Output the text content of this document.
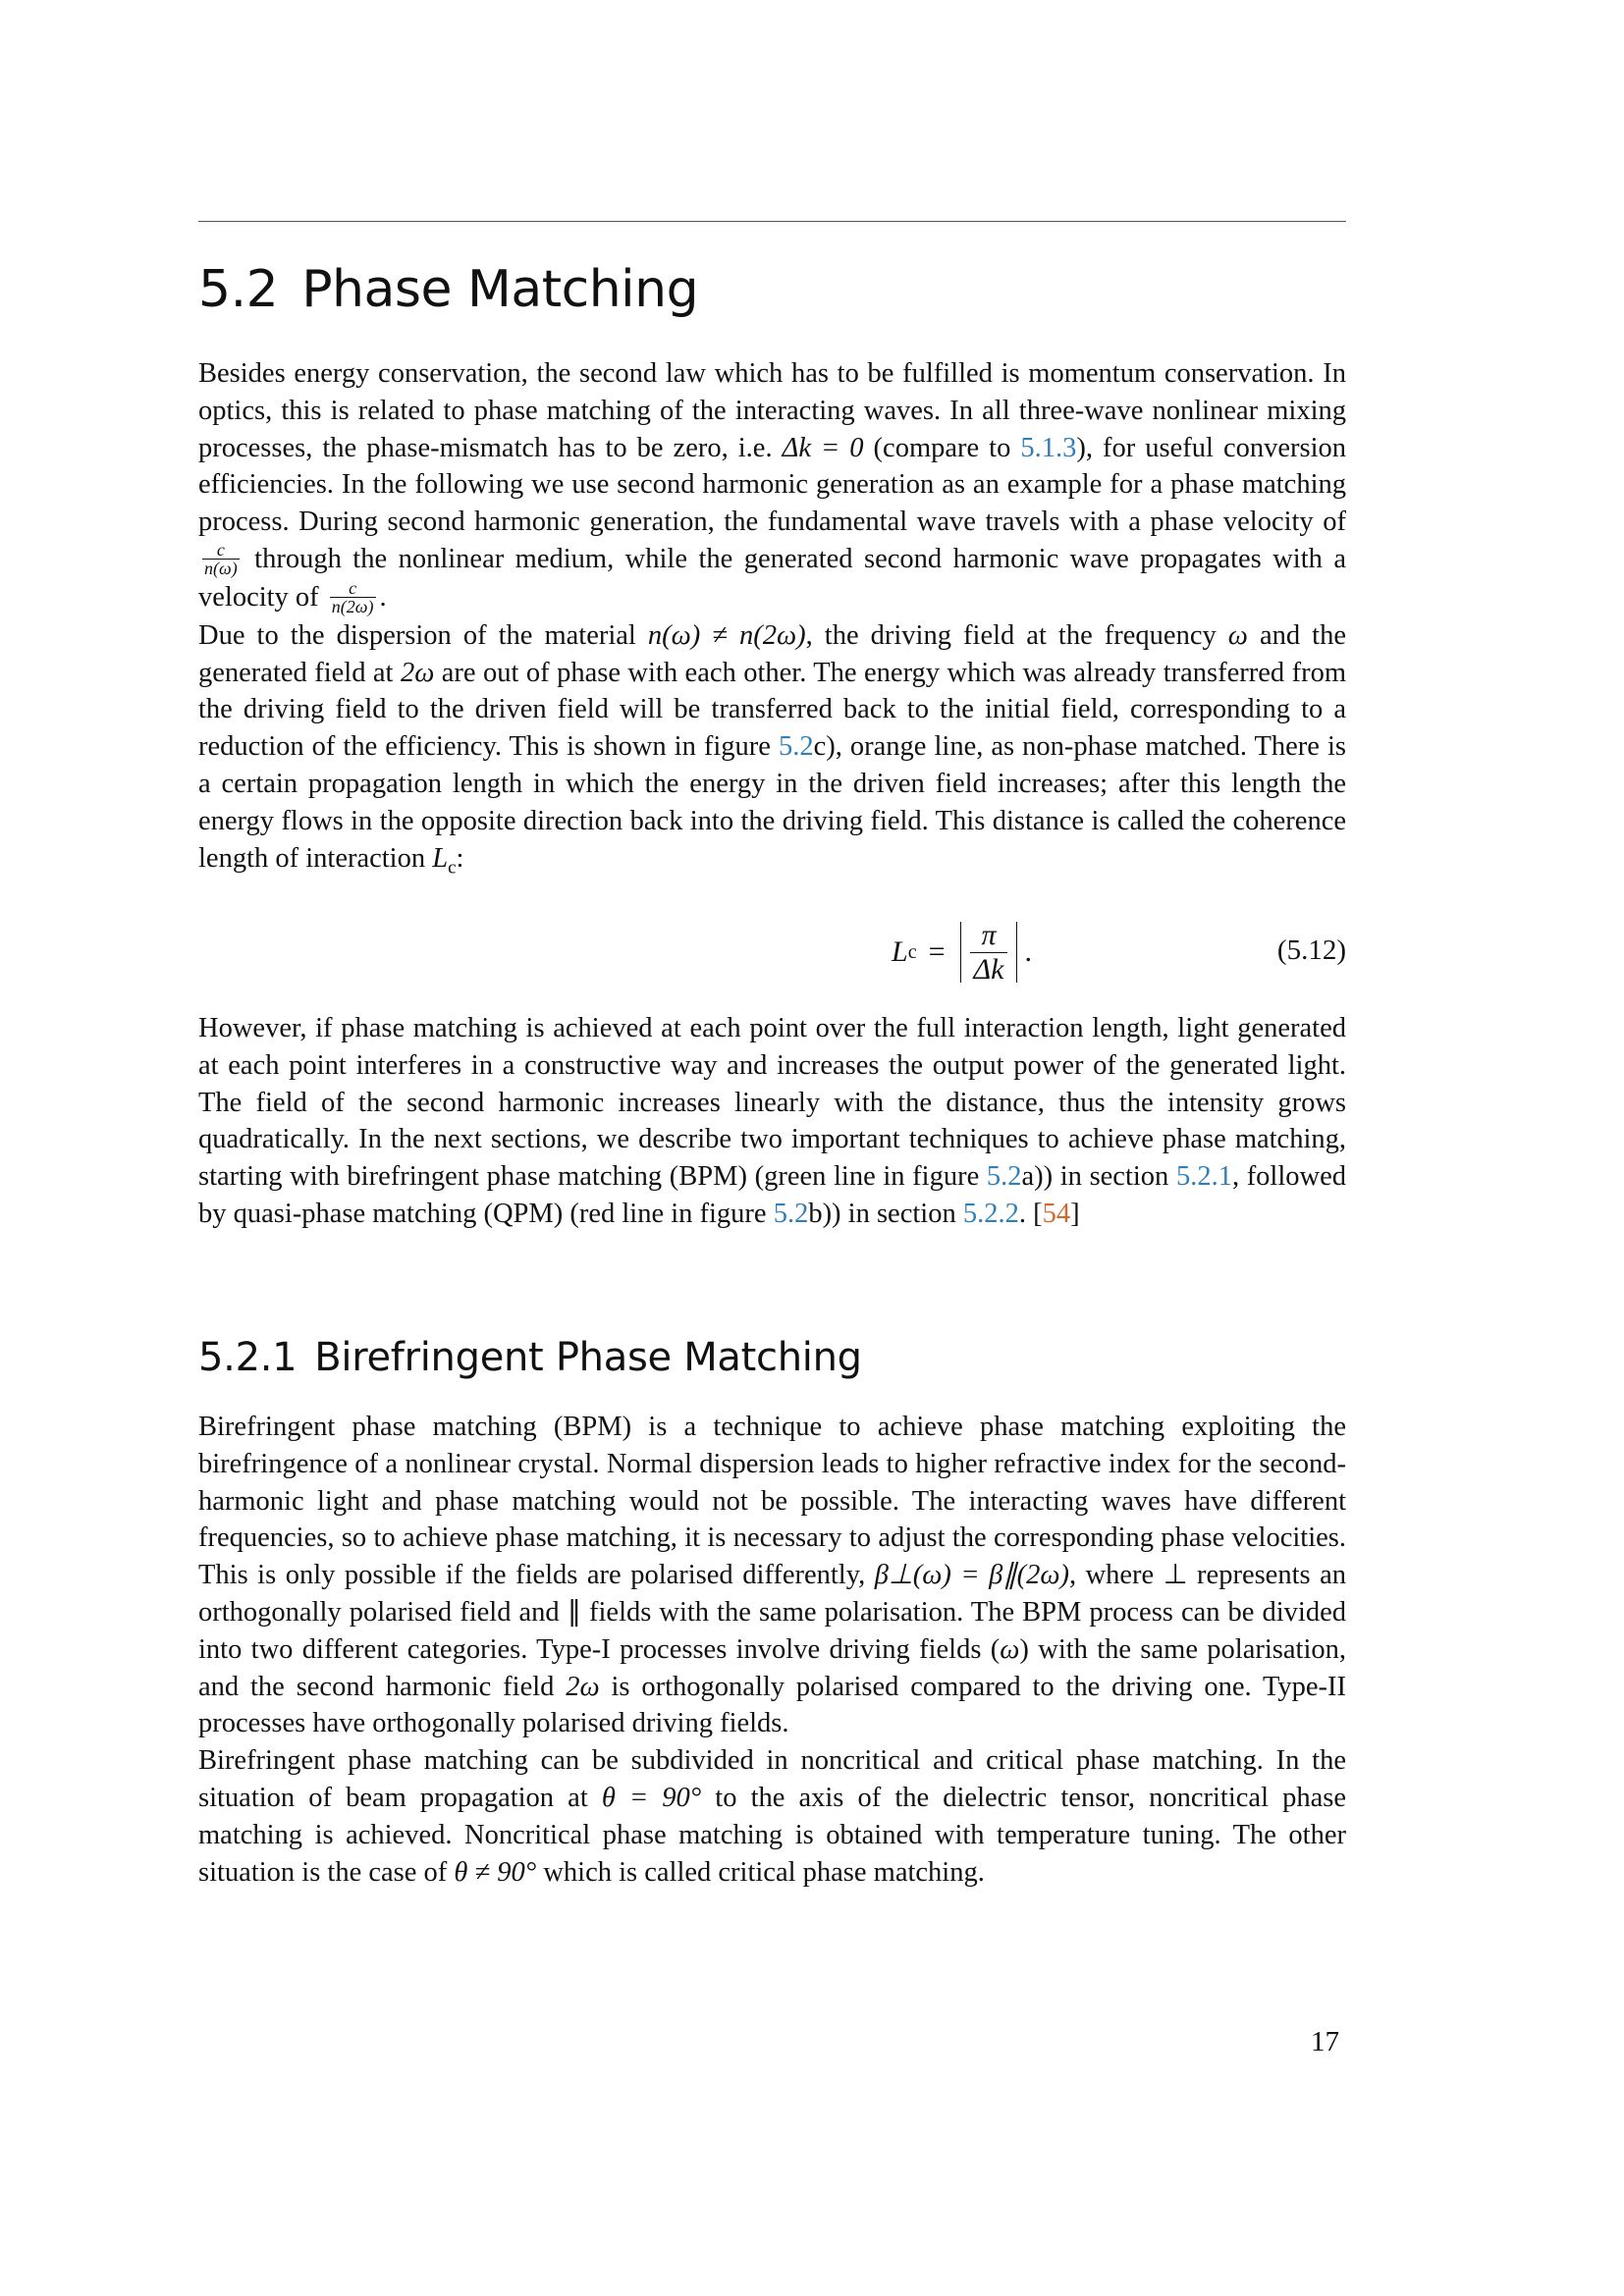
5.2 Phase Matching

Besides energy conservation, the second law which has to be fulfilled is momentum conservation. In optics, this is related to phase matching of the interacting waves. In all three-wave nonlinear mixing processes, the phase-mismatch has to be zero, i.e. Δk = 0 (compare to 5.1.3), for useful conversion efficiencies. In the following we use second harmonic generation as an example for a phase matching process. During second harmonic generation, the fundamental wave travels with a phase velocity of
$\frac{c}{n(\omega)}$ through the nonlinear medium, while the generated second harmonic wave propagates with a velocity of $\frac{c}{n(2\omega)}$ .

Due to the dispersion of the material n(ω) ≠ n(2ω), the driving field at the frequency ω and the generated field at 2ω are out of phase with each other. The energy which was already transferred from the driving field to the driven field will be transferred back to the initial field, corresponding to a reduction of the efficiency. This is shown in figure 5.2c), orange line, as non-phase matched. There is a certain propagation length in which the energy in the driven field increases; after this length the energy flows in the opposite direction back into the driving field. This distance is called the coherence length of interaction $L_c$:

L $c = \frac{\pi}{\Delta k}$ .	(5.12)

However, if phase matching is achieved at each point over the full interaction length, light generated at each point interferes in a constructive way and increases the output power of the generated light. The field of the second harmonic increases linearly with the distance, thus the intensity grows quadratically. In the next sections, we describe two important techniques to achieve phase matching, starting with birefringent phase matching (BPM) (green line in figure 5.2a)) in section 5.2.1, followed by quasi-phase matching (QPM) (red line in figure 5.2b)) in section 5.2.2. [54]

5.2.1 Birefringent Phase Matching

Birefringent phase matching (BPM) is a technique to achieve phase matching exploiting the birefringence of a nonlinear crystal. Normal dispersion leads to higher refractive index for the second-harmonic light and phase matching would not be possible. The interacting waves have different frequencies, so to achieve phase matching, it is necessary to adjust the corresponding phase velocities. This is only possible if the fields are polarised differently, β⊥(ω) = β∥(2ω), where ⊥ represents an orthogonally polarised field and ∥ fields with the same polarisation. The BPM process can be divided into two different categories. Type-I processes involve driving fields (ω) with the same polarisation, and the second harmonic field 2ω is orthogonally polarised compared to the driving one. Type-II processes have orthogonally polarised driving fields.

Birefringent phase matching can be subdivided in noncritical and critical phase matching. In the situation of beam propagation at θ = 90° to the axis of the dielectric tensor, noncritical phase matching is achieved. Noncritical phase matching is obtained with temperature tuning. The other situation is the case of θ ≠ 90° which is called critical phase matching.

17
